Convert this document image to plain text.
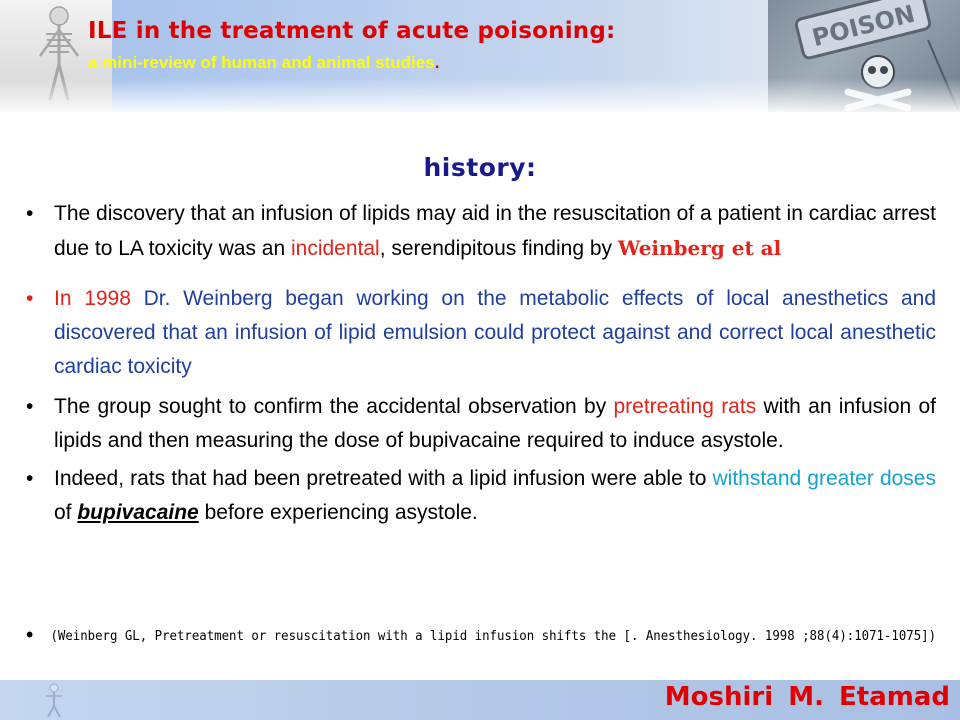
POISON
ILE in the treatment of acute poisoning:
a mini-review of human and animal studies.
history:

• The discovery that an infusion of lipids may aid in the resuscitation of a patient in cardiac arrest due to LA toxicity was an incidental, serendipitous finding by Weinberg et al

• In 1998 Dr. Weinberg began working on the metabolic effects of local anesthetics and discovered that an infusion of lipid emulsion could protect against and correct local anesthetic cardiac toxicity

• The group sought to confirm the accidental observation by pretreating rats with an infusion of lipids and then measuring the dose of bupivacaine required to induce asystole.

• Indeed, rats that had been pretreated with a lipid infusion were able to withstand greater doses of bupivacaine before experiencing asystole.

• (Weinberg GL, Pretreatment or resuscitation with a lipid infusion shifts the [. Anesthesiology. 1998 ;88(4):1071-1075])
Moshiri M. Etamad
